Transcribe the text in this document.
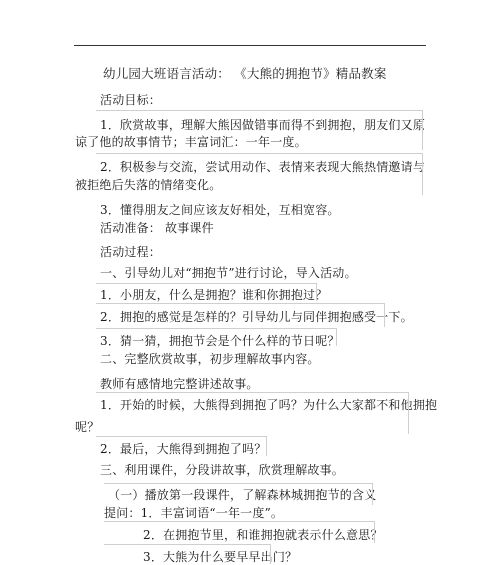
幼儿园大班语言活动： 《大熊的拥抱节》精品教案
活动目标：
1．欣赏故事，理解大熊因做错事而得不到拥抱，朋友们又原
谅了他的故事情节；丰富词汇：一年一度。
2．积极参与交流，尝试用动作、表情来表现大熊热情邀请与
被拒绝后失落的情绪变化。
3．懂得朋友之间应该友好相处，互相宽容。
活动准备： 故事课件
活动过程：
一、引导幼儿对“拥抱节”进行讨论，导入活动。
1．小朋友，什么是拥抱？谁和你拥抱过？
2．拥抱的感觉是怎样的？引导幼儿与同伴拥抱感受一下。
3．猜一猜，拥抱节会是个什么样的节日呢？
二、完整欣赏故事，初步理解故事内容。
教师有感情地完整讲述故事。
1．开始的时候，大熊得到拥抱了吗？为什么大家都不和他拥抱
呢？
2．最后，大熊得到拥抱了吗？
三、利用课件，分段讲故事，欣赏理解故事。
（一）播放第一段课件，了解森林城拥抱节的含义
提问：1．丰富词语“一年一度”。
2．在拥抱节里，和谁拥抱就表示什么意思？
3．大熊为什么要早早出门？
